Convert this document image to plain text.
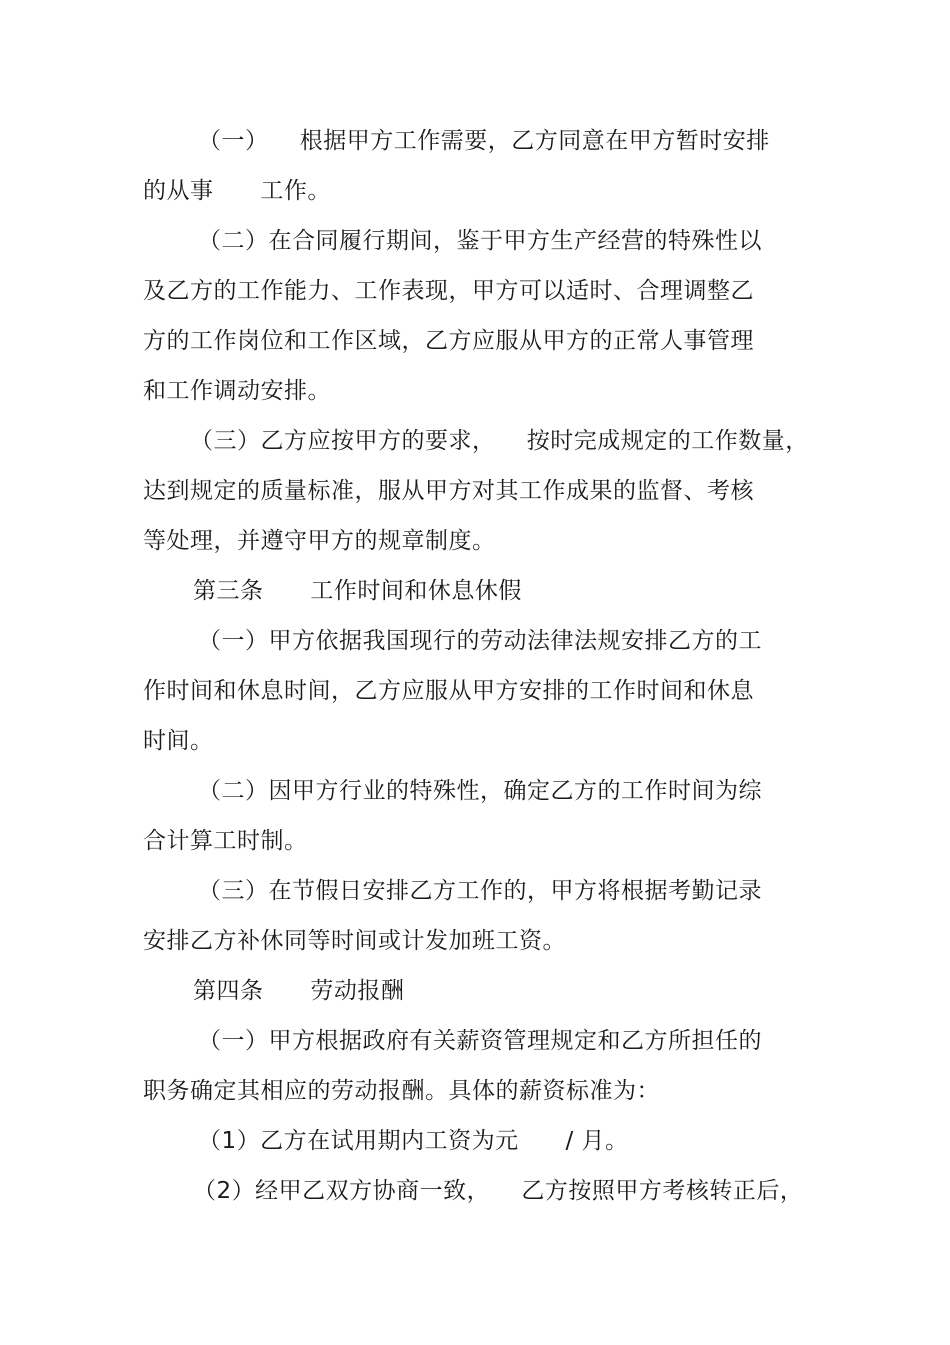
（一）    根据甲方工作需要，乙方同意在甲方暂时安排
的从事      工作。
（二）在合同履行期间，鉴于甲方生产经营的特殊性以
及乙方的工作能力、工作表现，甲方可以适时、合理调整乙
方的工作岗位和工作区域，乙方应服从甲方的正常人事管理
和工作调动安排。
（三）乙方应按甲方的要求，    按时完成规定的工作数量，
达到规定的质量标准，服从甲方对其工作成果的监督、考核
等处理，并遵守甲方的规章制度。
第三条      工作时间和休息休假
（一）甲方依据我国现行的劳动法律法规安排乙方的工
作时间和休息时间，乙方应服从甲方安排的工作时间和休息
时间。
（二）因甲方行业的特殊性，确定乙方的工作时间为综
合计算工时制。
（三）在节假日安排乙方工作的，甲方将根据考勤记录
安排乙方补休同等时间或计发加班工资。
第四条      劳动报酬
（一）甲方根据政府有关薪资管理规定和乙方所担任的
职务确定其相应的劳动报酬。具体的薪资标准为：
（1）乙方在试用期内工资为元      / 月。
（2）经甲乙双方协商一致，    乙方按照甲方考核转正后，
